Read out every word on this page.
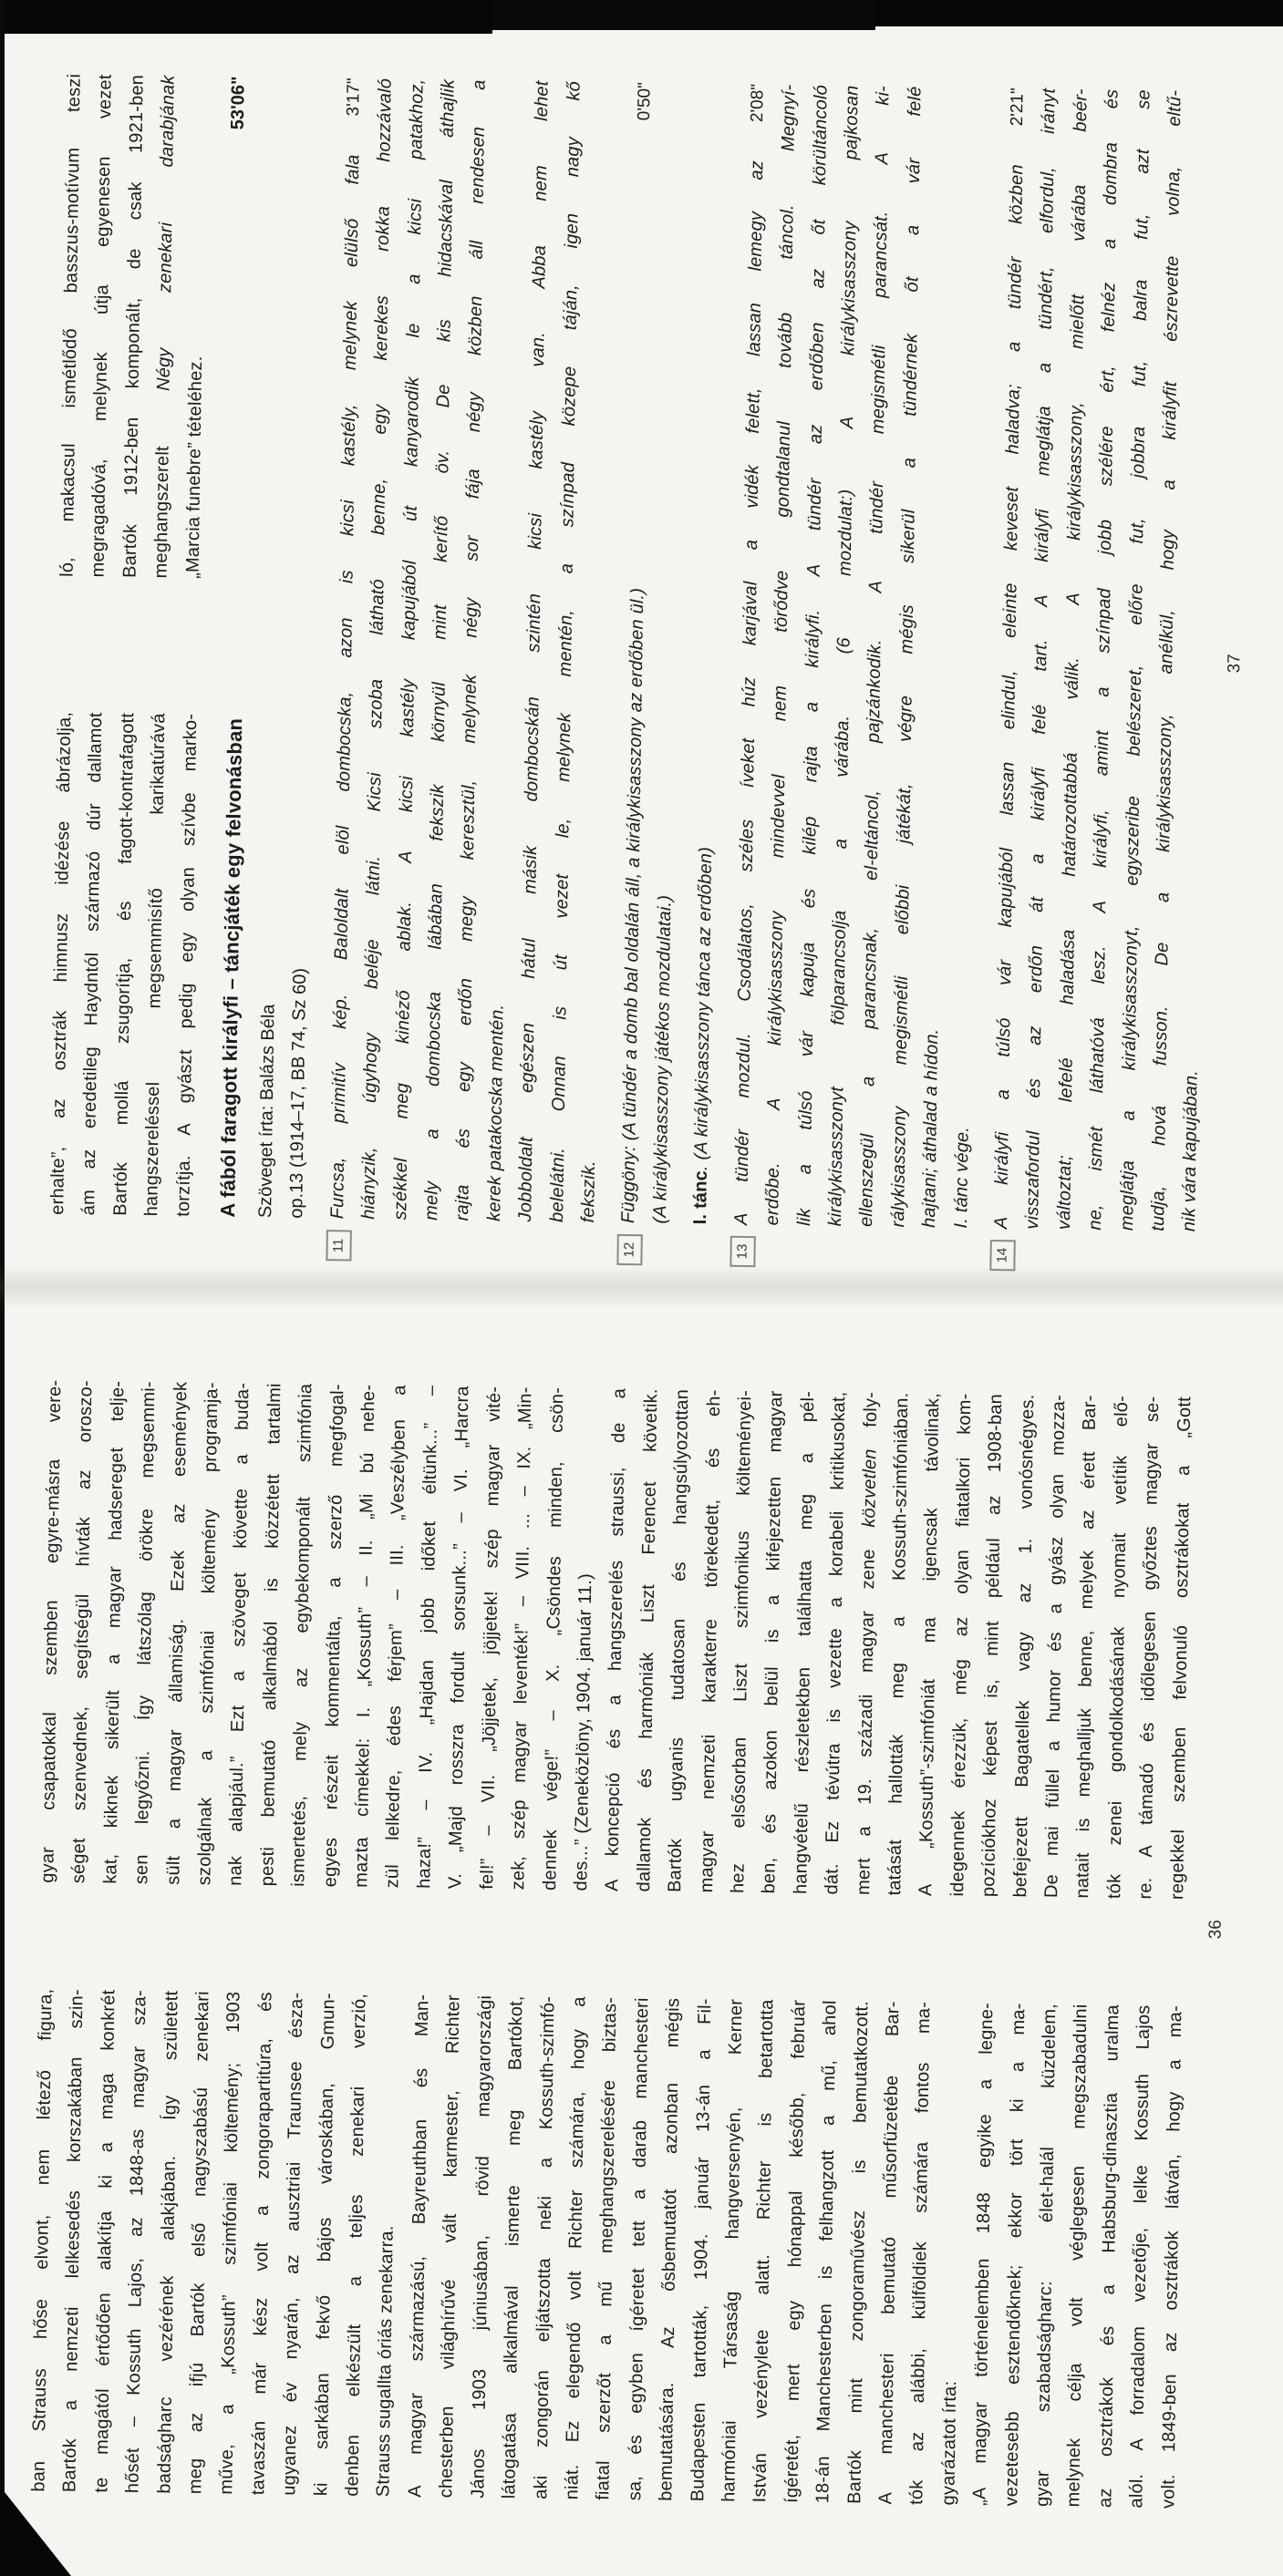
ban Strauss hőse elvont, nem létező figura, Bartók a nemzeti lelkesedés korszakában szin- te magától értődően alakítja ki a maga konkrét hősét – Kossuth Lajos, az 1848-as magyar sza- badságharc vezérének alakjában. Így született meg az ifjú Bartók első nagyszabású zenekari műve, a „Kossuth” szimfóniai költemény; 1903 tavaszán már kész volt a zongorapartitúra, és ugyanez év nyarán, az ausztriai Traunsee észa- ki sarkában fekvő bájos városkában, Gmun- denben elkészült a teljes zenekari verzió, Strauss sugallta óriás zenekarra. A magyar származású, Bayreuthban és Man- chesterben világhírűvé vált karmester, Richter János 1903 júniusában, rövid magyarországi látogatása alkalmával ismerte meg Bartókot, aki zongorán eljátszotta neki a Kossuth-szimfó- niát. Ez elegendő volt Richter számára, hogy a fiatal szerzőt a mű meghangszerelésére biztas- sa, és egyben ígéretet tett a darab manchesteri bemutatására. Az ősbemutatót azonban mégis Budapesten tartották, 1904. január 13-án a Fil- harmóniai Társaság hangversenyén, Kerner István vezénylete alatt. Richter is betartotta ígéretét, mert egy hónappal később, február 18-án Manchesterben is felhangzott a mű, ahol Bartók mint zongoraművész is bemutatkozott. A manchesteri bemutató műsorfüzetébe Bar- tók az alábbi, külföldiek számára fontos ma- gyarázatot írta: „A magyar történelemben 1848 egyike a legne- vezetesebb esztendőknek; ekkor tört ki a ma- gyar szabadságharc: élet-halál küzdelem, melynek célja volt véglegesen megszabadulni az osztrákok és a Habsburg-dinasztia uralma alól. A forradalom vezetője, lelke Kossuth Lajos volt. 1849-ben az osztrákok látván, hogy a ma-
gyar csapatokkal szemben egyre-másra vere- séget szenvednek, segítségül hívták az oroszo- kat, kiknek sikerült a magyar hadsereget telje- sen legyőzni. Így látszólag örökre megsemmi- sült a magyar államiság. Ezek az események szolgálnak a szimfóniai költemény programja- nak alapjául.” Ezt a szöveget követte a buda- pesti bemutató alkalmából is közzétett tartalmi ismertetés, mely az egybekomponált szimfónia egyes részeit kommentálta, a szerző megfogal- mazta címekkel: I. „Kossuth” – II. „Mi bú nehe- zül lelkedre, édes férjem” – III. „Veszélyben a haza!” – IV. „Hajdan jobb időket éltünk...” – V. „Majd rosszra fordult sorsunk...” – VI. „Harcra fel!” – VII. „Jöjjetek, jöjjetek! szép magyar vité- zek, szép magyar leventék!” – VIII. ... – IX. „Min- dennek vége!” – X. „Csöndes minden, csön- des...” (Zeneközlöny, 1904. január 11.) A koncepció és a hangszerelés straussi, de a dallamok és harmóniák Liszt Ferencet követik. Bartók ugyanis tudatosan és hangsúlyozottan magyar nemzeti karakterre törekedett, és eh- hez elsősorban Liszt szimfonikus költeményei- ben, és azokon belül is a kifejezetten magyar hangvételű részletekben találhatta meg a pél- dát. Ez tévútra is vezette a korabeli kritikusokat, mert a 19. századi magyar zene közvetlen foly- tatását hallották meg a Kossuth-szimfóniában. A „Kossuth”-szimfóniát ma igencsak távolinak, idegennek érezzük, még az olyan fiatalkori kom- pozíciókhoz képest is, mint például az 1908-ban befejezett Bagatellek vagy az 1. vonósnégyes. De mai füllel a humor és a gyász olyan mozza- natait is meghalljuk benne, melyek az érett Bar- tók zenei gondolkodásának nyomait vetítik elő- re. A támadó és időlegesen győztes magyar se- regekkel szemben felvonuló osztrákokat a „Gott
36
erhalte”, az osztrák himnusz idézése ábrázolja, ám az eredetileg Haydntól származó dúr dallamot Bartók mollá zsugorítja, és fagott-kontrafagott hangszereléssel megsemmisítő karikatúrává torzítja. A gyászt pedig egy olyan szívbe marko-
ló, makacsul ismétlődő basszus-motívum teszi megragadóvá, melynek útja egyenesen vezet Bartók 1912-ben komponált, de csak 1921-ben meghangszerelt Négy zenekari darabjának
„Marcia funebre” tételéhez.
53'06"
A fából faragott királyfi – táncjáték egy felvonásban Szöveget írta: Balázs Béla op.13 (1914–17, BB 74, Sz 60)
11
3'17"
Furcsa, primitív kép. Baloldalt elöl dombocska, azon is kicsi kastély, melynek elülső fala
hiányzik, úgyhogy beléje látni. Kicsi szoba látható benne, egy kerekes rokka hozzávaló
székkel meg kinéző ablak. A kicsi kastély kapujából út kanyarodik le a kicsi patakhoz,
mely a dombocska lábában fekszik környül mint kerítő öv. De kis hidacskával áthajlik
rajta és egy erdőn megy keresztül, melynek négy sor fája négy közben áll rendesen a
kerek patakocska mentén. Jobboldalt egészen hátul másik dombocskán szintén kicsi kastély van. Abba nem lehet
belelátni. Onnan is út vezet le, melynek mentén, a színpad közepe táján, igen nagy kő
fekszik.
12
0'50"
Függöny: (A tündér a domb bal oldalán áll, a királykisasszony az erdőben ül.) (A királykisasszony játékos mozdulatai.) I. tánc. (A királykisasszony tánca az erdőben)
13
2'08"
A tündér mozdul. Csodálatos, széles íveket húz karjával a vidék felett, lassan lemegy az
erdőbe. A királykisasszony mindevvel nem törődve gondtalanul tovább táncol. Megnyí-
lik a túlsó vár kapuja és kilép rajta a királyfi. A tündér az erdőben az őt körültáncoló
királykisasszonyt fölparancsolja a várába. (6 mozdulat:) A királykisasszony pajkosan
ellenszegül a parancsnak, el-eltáncol, pajzánkodik. A tündér megismétli parancsát. A ki-
rálykisasszony megismétli előbbi játékát, végre mégis sikerül a tündérnek őt a vár felé
hajtani; áthalad a hídon. I. tánc vége.
14
2'21"
A királyfi a túlsó vár kapujából lassan elindul, eleinte keveset haladva; a tündér közben
visszafordul és az erdőn át a királyfi felé tart. A királyfi meglátja a tündért, elfordul, irányt
változtat; lefelé haladása határozottabbá válik. A királykisasszony, mielőtt várába beér-
ne, ismét láthatóvá lesz. A királyfi, amint a színpad jobb szélére ért, felnéz a dombra és
meglátja a királykisasszonyt, egyszeribe belészeret, előre fut, jobbra fut, balra fut, azt se
tudja, hová fusson. De a királykisasszony, anélkül, hogy a királyfit észrevette volna, eltű-
nik vára kapujában.
37
